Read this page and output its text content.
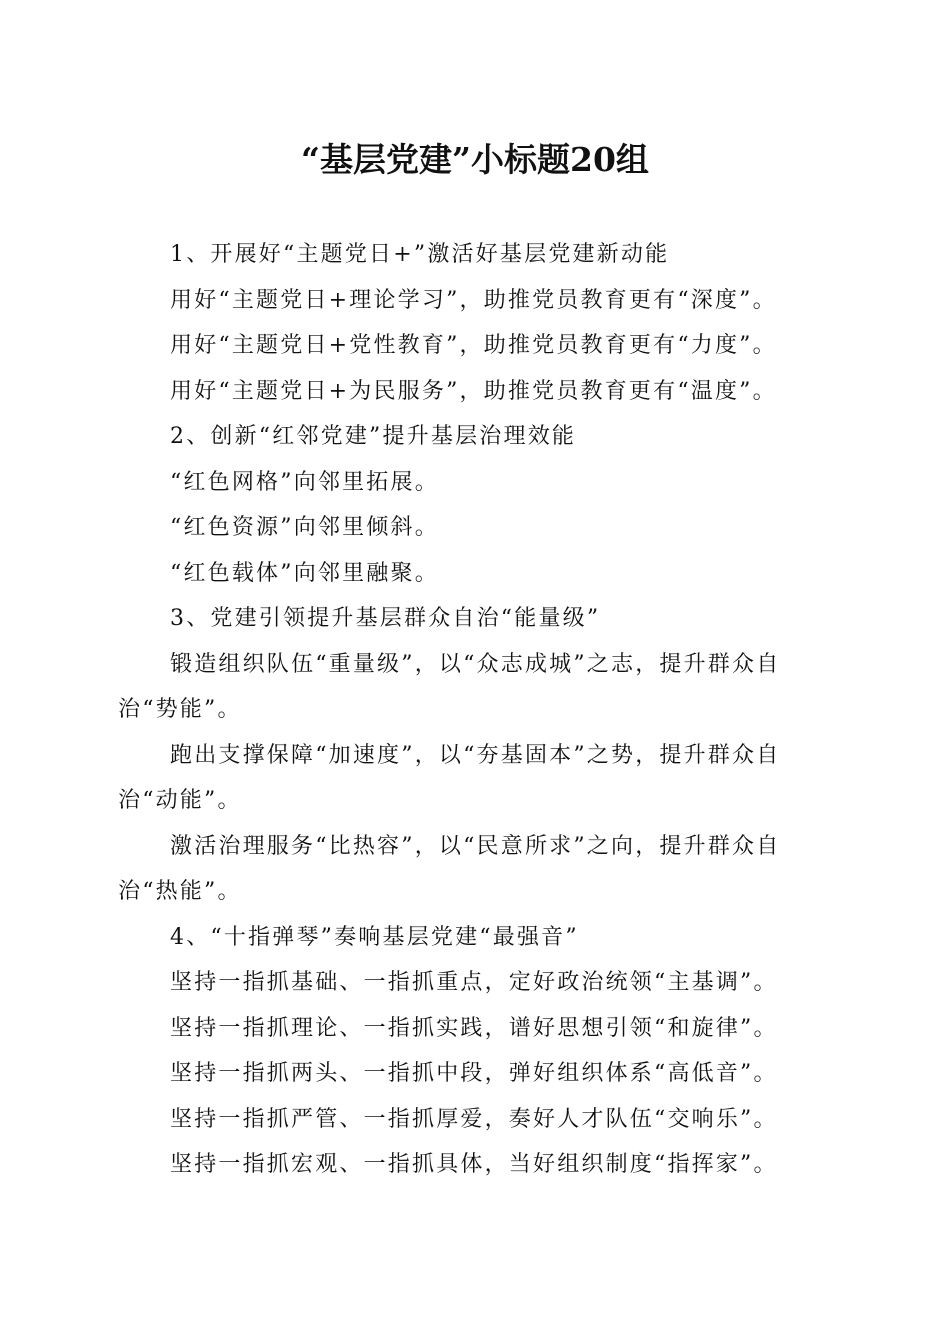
“基层党建”小标题20组

1、开展好“主题党日+”激活好基层党建新动能

用好“主题党日+理论学习”，助推党员教育更有“深度”。

用好“主题党日+党性教育”，助推党员教育更有“力度”。

用好“主题党日+为民服务”，助推党员教育更有“温度”。

2、创新“红邻党建”提升基层治理效能

“红色网格”向邻里拓展。

“红色资源”向邻里倾斜。

“红色载体”向邻里融聚。

3、党建引领提升基层群众自治“能量级”

锻造组织队伍“重量级”，以“众志成城”之志，提升群众自治“势能”。

跑出支撑保障“加速度”，以“夯基固本”之势，提升群众自治“动能”。

激活治理服务“比热容”，以“民意所求”之向，提升群众自治“热能”。

4、“十指弹琴”奏响基层党建“最强音”

坚持一指抓基础、一指抓重点，定好政治统领“主基调”。

坚持一指抓理论、一指抓实践，谱好思想引领“和旋律”。

坚持一指抓两头、一指抓中段，弹好组织体系“高低音”。

坚持一指抓严管、一指抓厚爱，奏好人才队伍“交响乐”。

坚持一指抓宏观、一指抓具体，当好组织制度“指挥家”。
